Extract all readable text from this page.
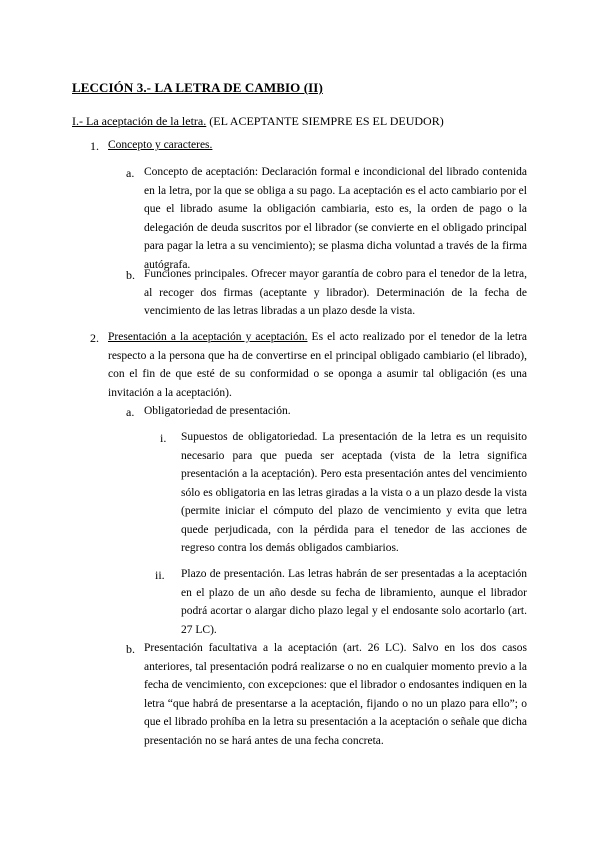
LECCIÓN 3.- LA LETRA DE CAMBIO (II)

I.- La aceptación de la letra. (EL ACEPTANTE SIEMPRE ES EL DEUDOR)

1. Concepto y caracteres.
a. Concepto de aceptación: Declaración formal e incondicional del librado contenida en la letra, por la que se obliga a su pago. La aceptación es el acto cambiario por el que el librado asume la obligación cambiaria, esto es, la orden de pago o la delegación de deuda suscritos por el librador (se convierte en el obligado principal para pagar la letra a su vencimiento); se plasma dicha voluntad a través de la firma autógrafa.

b. Funciones principales. Ofrecer mayor garantía de cobro para el tenedor de la letra, al recoger dos firmas (aceptante y librador). Determinación de la fecha de vencimiento de las letras libradas a un plazo desde la vista.

2. Presentación a la aceptación y aceptación. Es el acto realizado por el tenedor de la letra respecto a la persona que ha de convertirse en el principal obligado cambiario (el librado), con el fin de que esté de su conformidad o se oponga a asumir tal obligación (es una invitación a la aceptación).

a. Obligatoriedad de presentación.

i. Supuestos de obligatoriedad. La presentación de la letra es un requisito necesario para que pueda ser aceptada (vista de la letra significa presentación a la aceptación). Pero esta presentación antes del vencimiento sólo es obligatoria en las letras giradas a la vista o a un plazo desde la vista (permite iniciar el cómputo del plazo de vencimiento y evita que letra quede perjudicada, con la pérdida para el tenedor de las acciones de regreso contra los demás obligados cambiarios.

ii. Plazo de presentación. Las letras habrán de ser presentadas a la aceptación en el plazo de un año desde su fecha de libramiento, aunque el librador podrá acortar o alargar dicho plazo legal y el endosante solo acortarlo (art. 27 LC).

b. Presentación facultativa a la aceptación (art. 26 LC). Salvo en los dos casos anteriores, tal presentación podrá realizarse o no en cualquier momento previo a la fecha de vencimiento, con excepciones: que el librador o endosantes indiquen en la letra “que habrá de presentarse a la aceptación, fijando o no un plazo para ello”; o que el librado prohíba en la letra su presentación a la aceptación o señale que dicha presentación no se hará antes de una fecha concreta.
